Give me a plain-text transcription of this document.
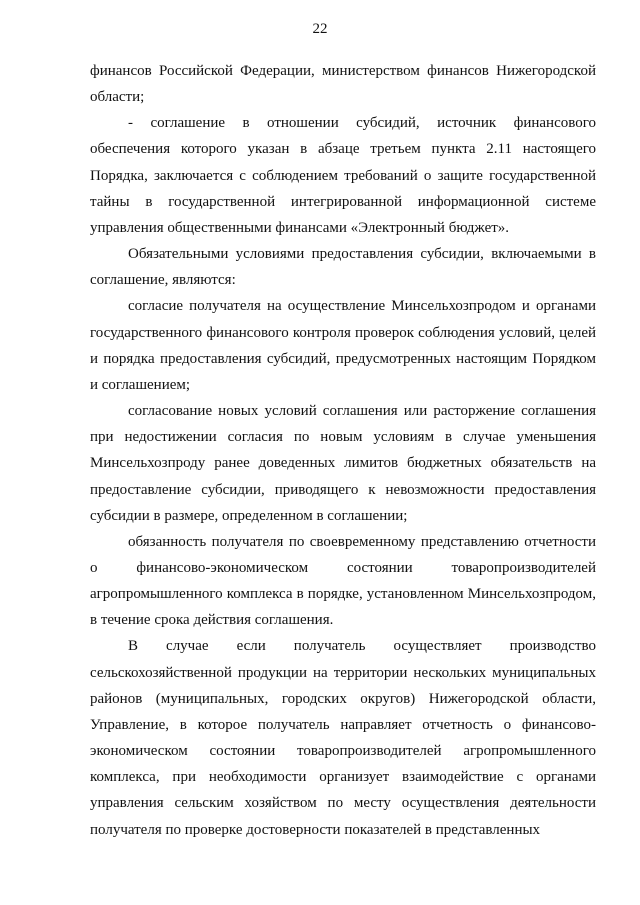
22

финансов Российской Федерации, министерством финансов Нижегородской области;

- соглашение в отношении субсидий, источник финансового обеспечения которого указан в абзаце третьем пункта 2.11 настоящего Порядка, заключается с соблюдением требований о защите государственной тайны в государственной интегрированной информационной системе управления общественными финансами «Электронный бюджет».

Обязательными условиями предоставления субсидии, включаемыми в соглашение, являются:

согласие получателя на осуществление Минсельхозпродом и органами государственного финансового контроля проверок соблюдения условий, целей и порядка предоставления субсидий, предусмотренных настоящим Порядком и соглашением;

согласование новых условий соглашения или расторжение соглашения при недостижении согласия по новым условиям в случае уменьшения Минсельхозпроду ранее доведенных лимитов бюджетных обязательств на предоставление субсидии, приводящего к невозможности предоставления субсидии в размере, определенном в соглашении;

обязанность получателя по своевременному представлению отчетности о финансово-экономическом состоянии товаропроизводителей агропромышленного комплекса в порядке, установленном Минсельхозпродом, в течение срока действия соглашения.

В случае если получатель осуществляет производство сельскохозяйственной продукции на территории нескольких муниципальных районов (муниципальных, городских округов) Нижегородской области, Управление, в которое получатель направляет отчетность о финансово-экономическом состоянии товаропроизводителей агропромышленного комплекса, при необходимости организует взаимодействие с органами управления сельским хозяйством по месту осуществления деятельности получателя по проверке достоверности показателей в представленных
